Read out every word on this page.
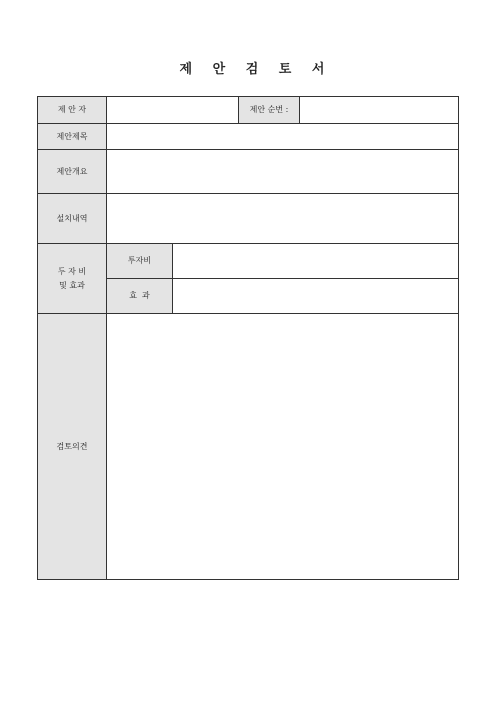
제 안 검 토 서
제 안 자			제안 순번 :	
제안제목				
제안개요				
설치내역				

두 자 비
및 효과	투자비			
	효  과			
검토의견				
